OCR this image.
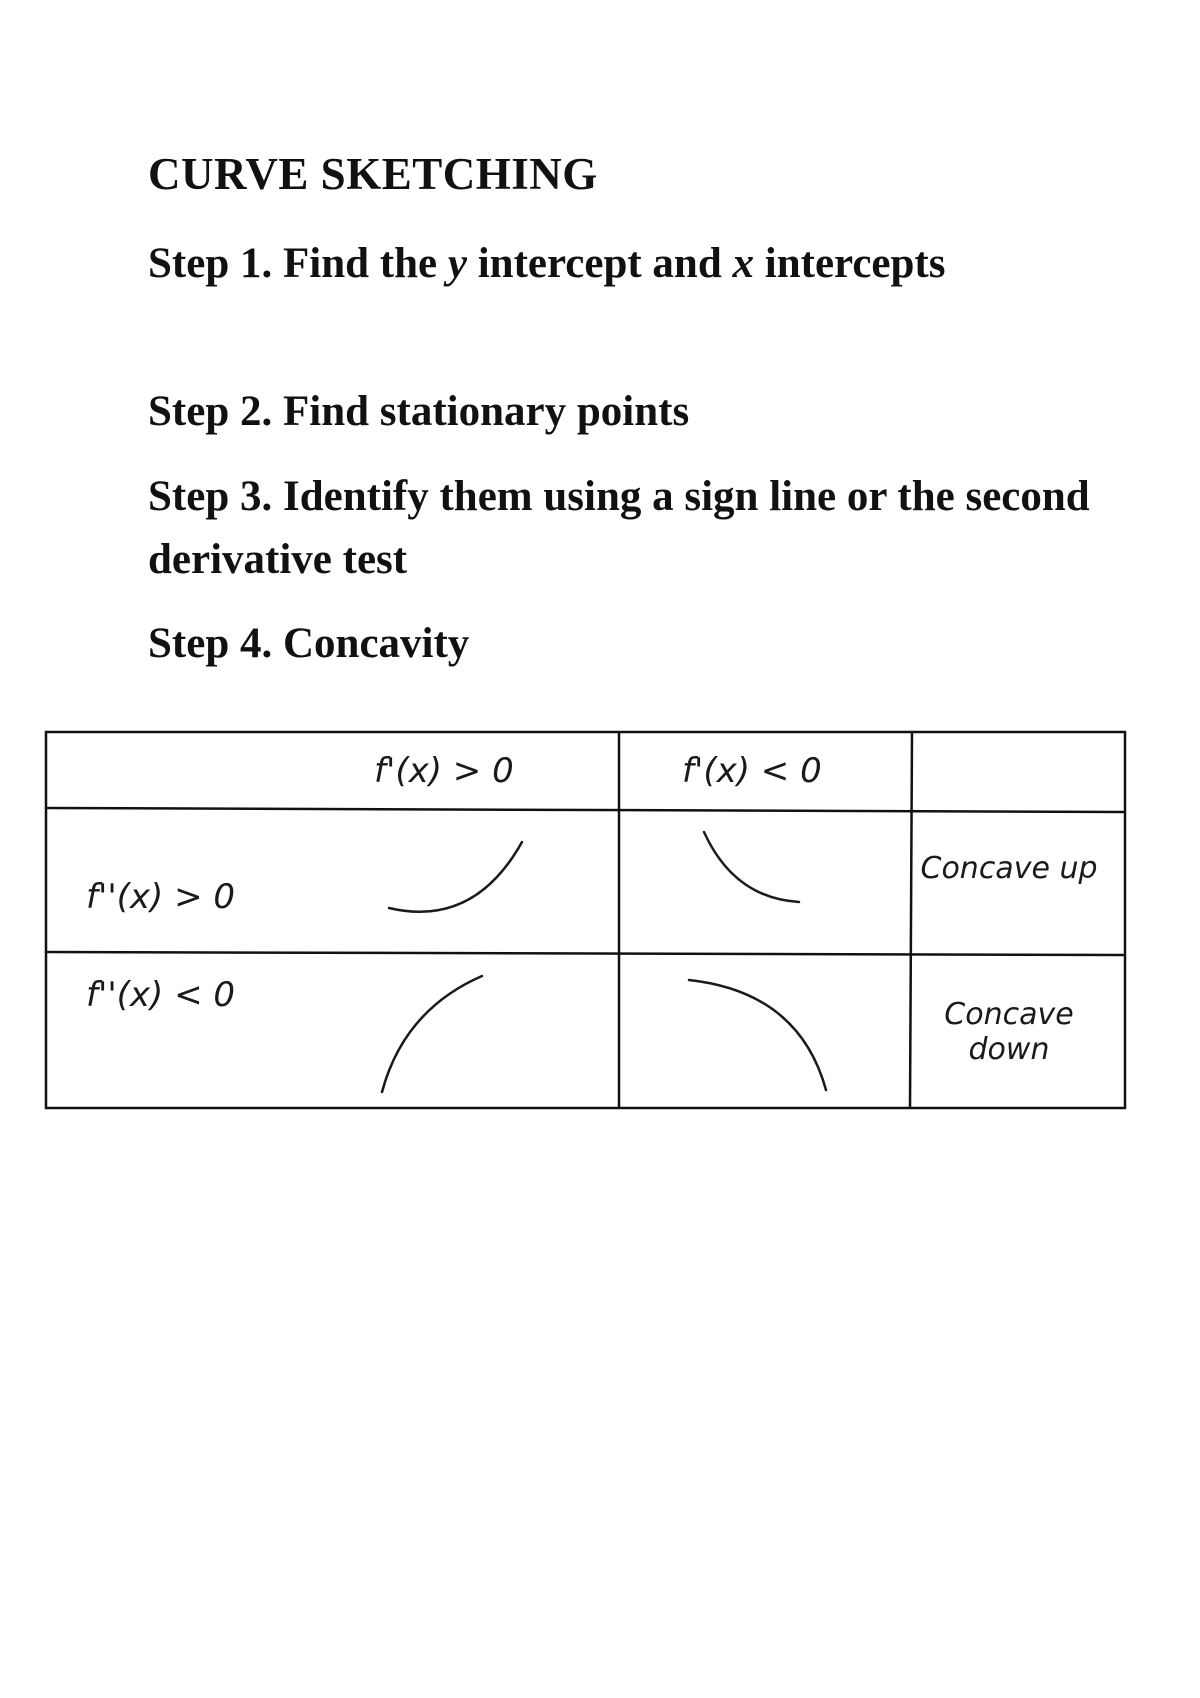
CURVE SKETCHING

Step 1. Find the y intercept and x intercepts

Step 2. Find stationary points

Step 3. Identify them using a sign line or the second derivative test

Step 4. Concavity

f'(x) > 0	f'(x) < 0
f''(x) > 0
f''(x) < 0
Concave up
Concave down
